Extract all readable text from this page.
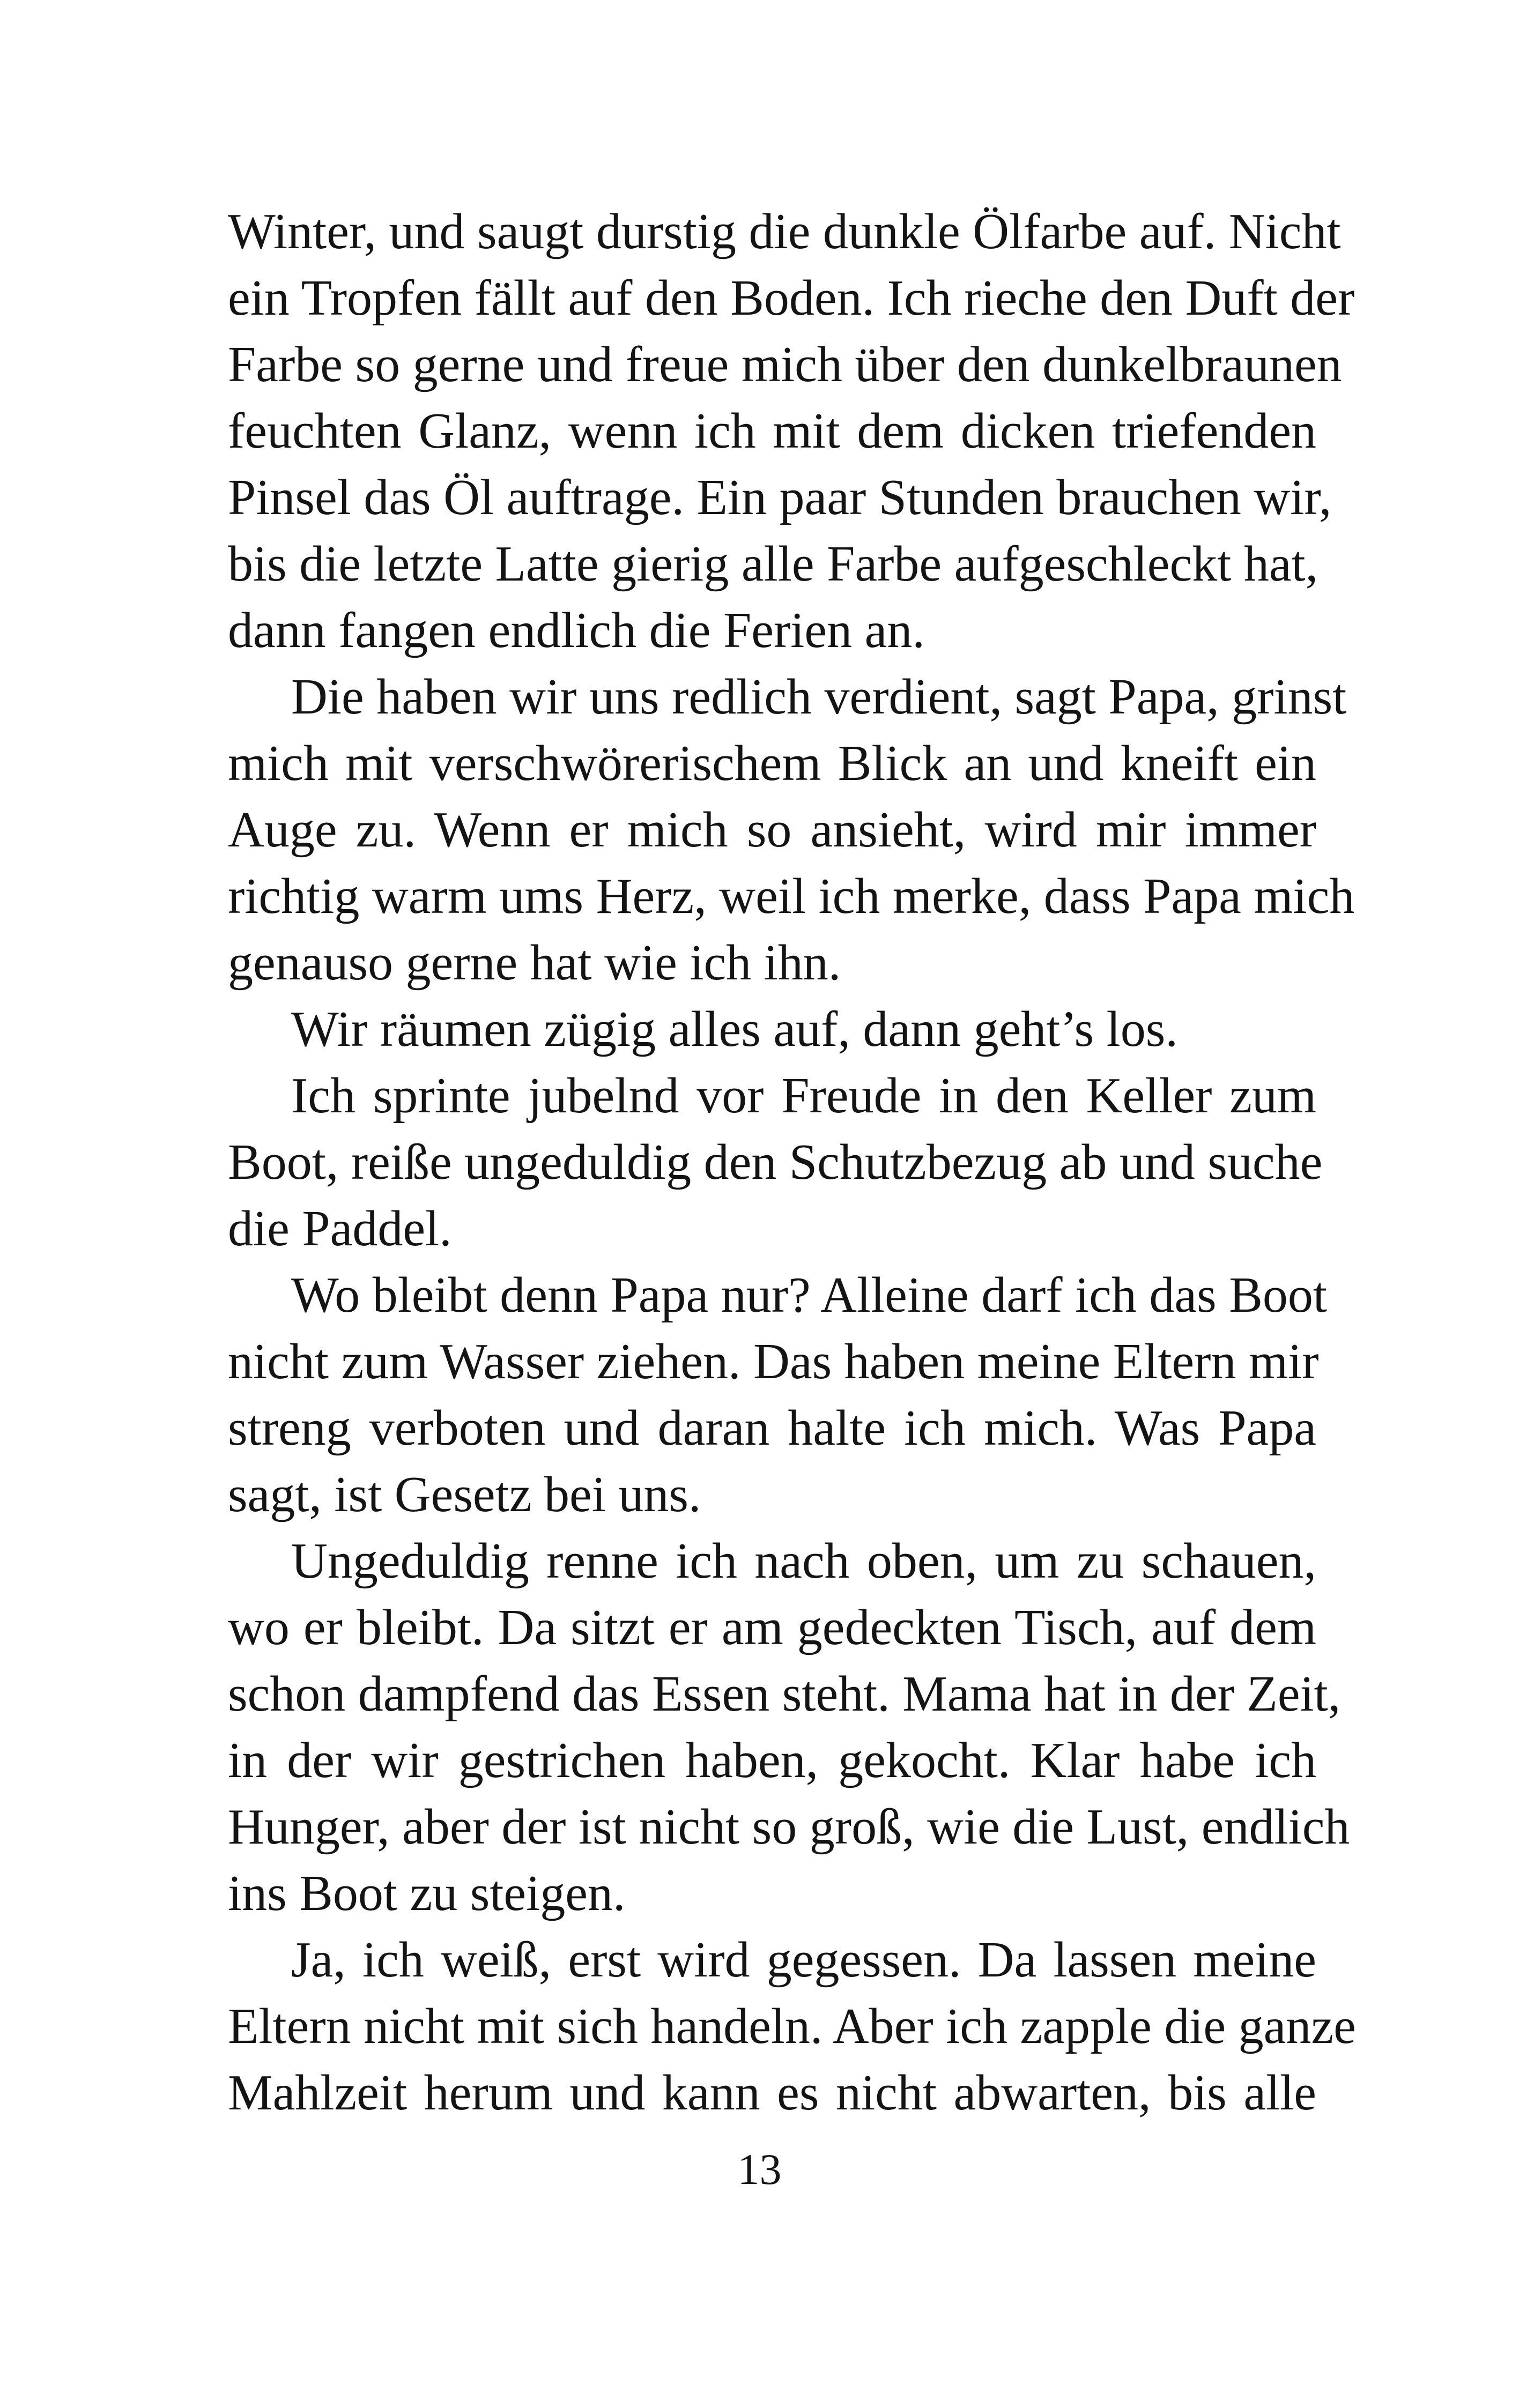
Winter, und saugt durstig die dunkle Ölfarbe auf. Nicht
ein Tropfen fällt auf den Boden. Ich rieche den Duft der
Farbe so gerne und freue mich über den dunkelbraunen
feuchten Glanz, wenn ich mit dem dicken triefenden
Pinsel das Öl auftrage. Ein paar Stunden brauchen wir,
bis die letzte Latte gierig alle Farbe aufgeschleckt hat,
dann fangen endlich die Ferien an.
Die haben wir uns redlich verdient, sagt Papa, grinst
mich mit verschwörerischem Blick an und kneift ein
Auge zu. Wenn er mich so ansieht, wird mir immer
richtig warm ums Herz, weil ich merke, dass Papa mich
genauso gerne hat wie ich ihn.
Wir räumen zügig alles auf, dann geht’s los.
Ich sprinte jubelnd vor Freude in den Keller zum
Boot, reiße ungeduldig den Schutzbezug ab und suche
die Paddel.
Wo bleibt denn Papa nur? Alleine darf ich das Boot
nicht zum Wasser ziehen. Das haben meine Eltern mir
streng verboten und daran halte ich mich. Was Papa
sagt, ist Gesetz bei uns.
Ungeduldig renne ich nach oben, um zu schauen,
wo er bleibt. Da sitzt er am gedeckten Tisch, auf dem
schon dampfend das Essen steht. Mama hat in der Zeit,
in der wir gestrichen haben, gekocht. Klar habe ich
Hunger, aber der ist nicht so groß, wie die Lust, endlich
ins Boot zu steigen.
Ja, ich weiß, erst wird gegessen. Da lassen meine
Eltern nicht mit sich handeln. Aber ich zapple die ganze
Mahlzeit herum und kann es nicht abwarten, bis alle
13
